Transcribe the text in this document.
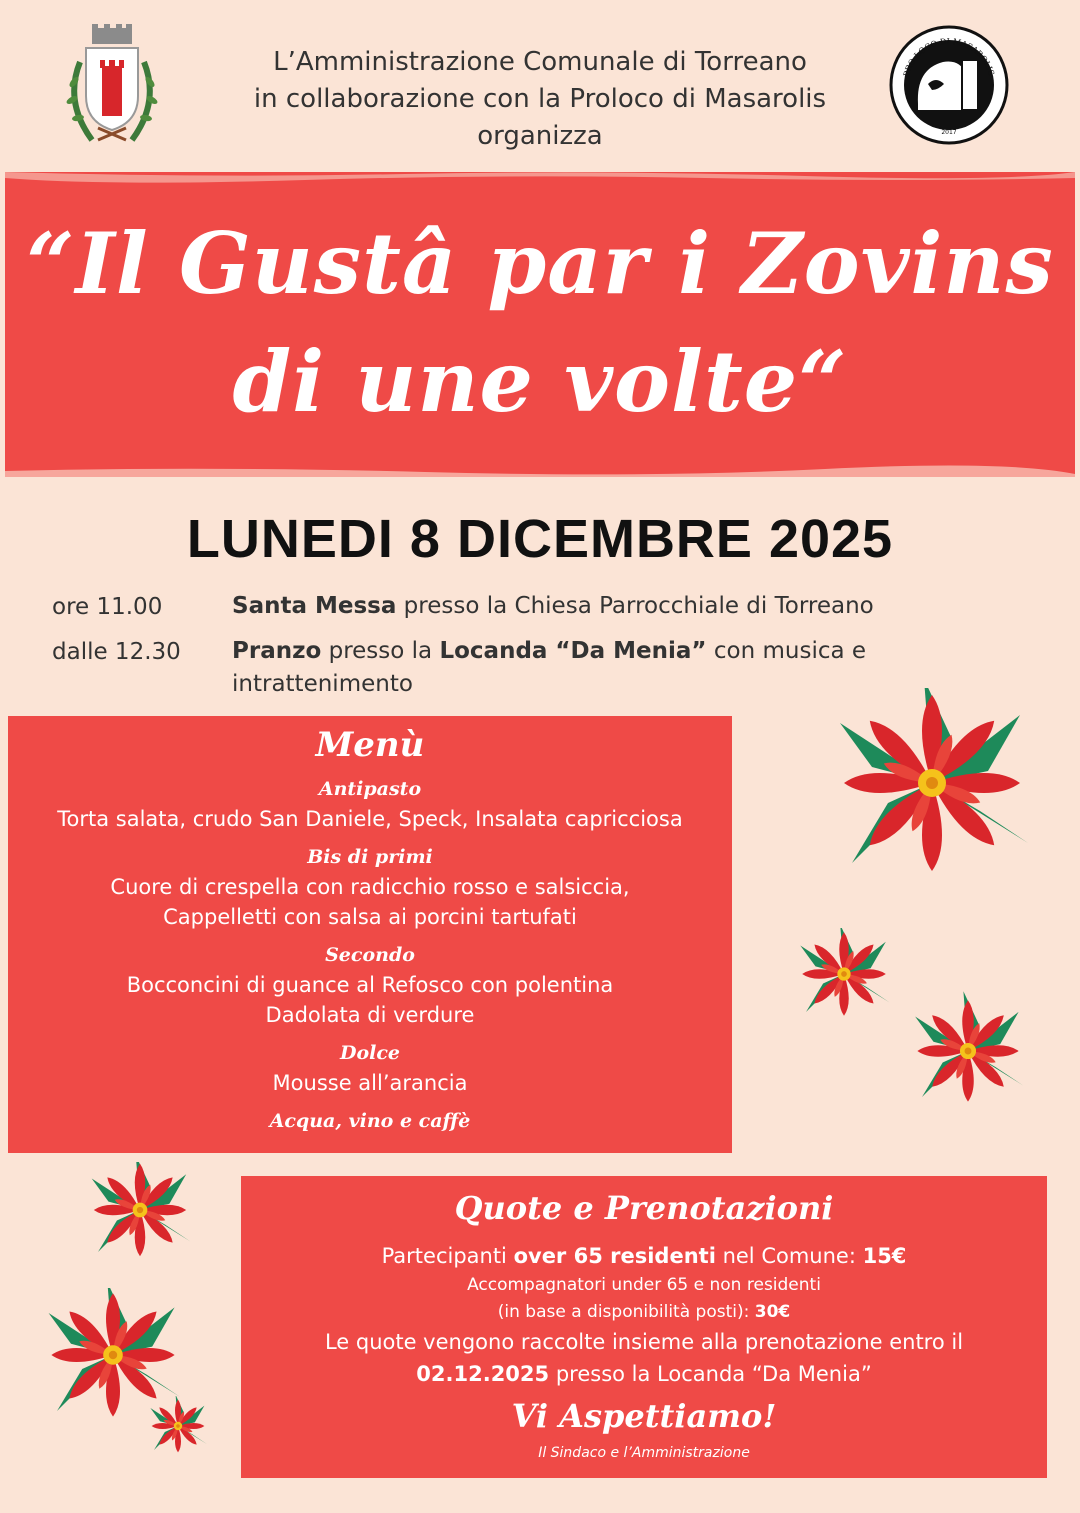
L’Amministrazione Comunale di Torreano
in collaborazione con la Proloco di Masarolis
organizza
PRO LOCO DI MASAROLIS
2017
“Il Gustâ par i Zovins
di une volte“
LUNEDI 8 DICEMBRE 2025
ore 11.00	Santa Messa presso la Chiesa Parrocchiale di Torreano
dalle 12.30 Pranzo presso la Locanda “Da Menia” con musica e intrattenimento
Menù
Antipasto
Torta salata, crudo San Daniele, Speck, Insalata capricciosa
Bis di primi
Cuore di crespella con radicchio rosso e salsiccia,
Cappelletti con salsa ai porcini tartufati
Secondo
Bocconcini di guance al Refosco con polentina
Dadolata di verdure
Dolce
Mousse all’arancia
Acqua, vino e caffè
Quote e Prenotazioni
Partecipanti over 65 residenti nel Comune: 15€
Accompagnatori under 65 e non residenti
(in base a disponibilità posti): 30€
Le quote vengono raccolte insieme alla prenotazione entro il
02.12.2025 presso la Locanda “Da Menia”
Vi Aspettiamo!
Il Sindaco e l’Amministrazione
